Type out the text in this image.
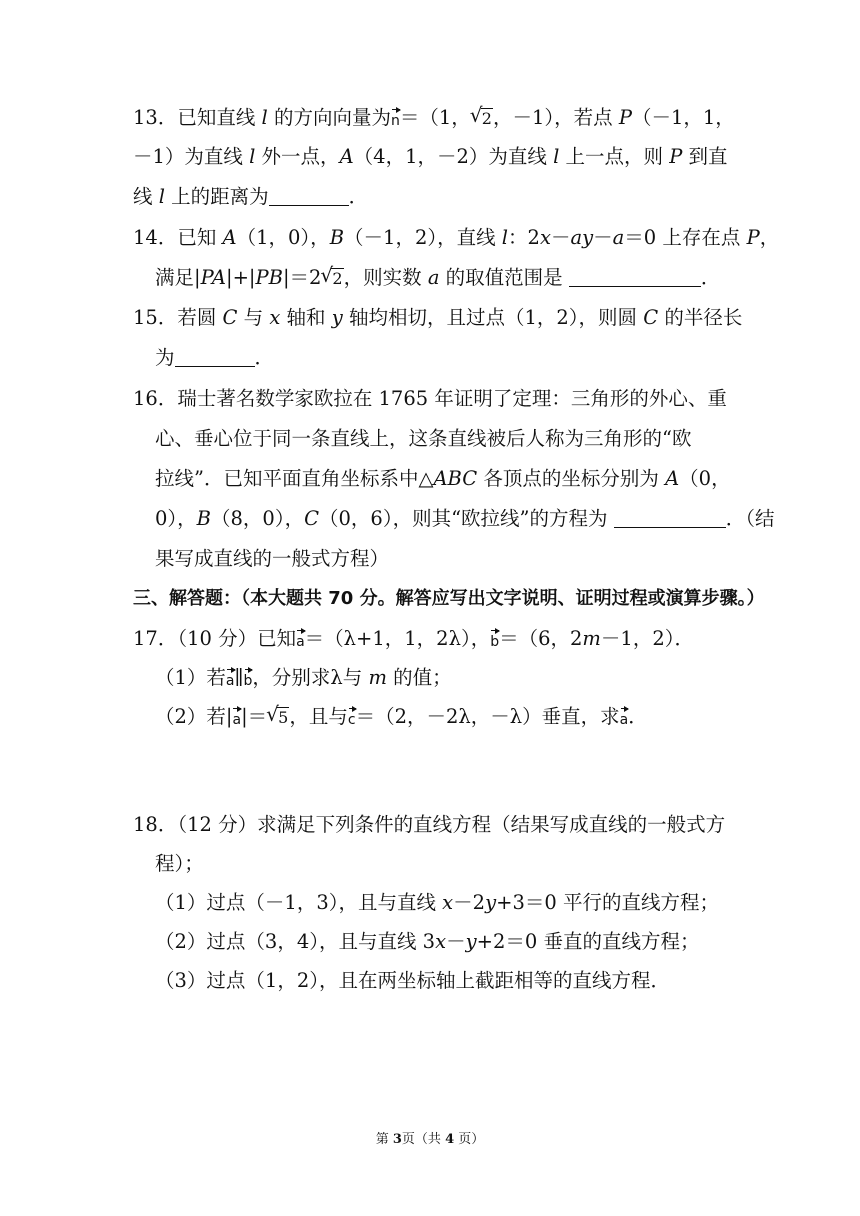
13．已知直线 l 的方向向量为n＝（1， √ 2，－1），若点 P（－1，1，
－1）为直线 l 外一点，A（4，1，－2）为直线 l 上一点，则 P 到直
线 l 上的距离为	．
14．已知 A（1，0），B（－1，2），直线 l：2x－ay－a＝0 上存在点 P，
满足|PA|+|PB|＝2 √ 2，则实数 a 的取值范围是	．
15．若圆 C 与 x 轴和 y 轴均相切，且过点（1，2），则圆 C 的半径长
为	．
16．瑞士著名数学家欧拉在 1765 年证明了定理：三角形的外心、重
心、垂心位于同一条直线上，这条直线被后人称为三角形的“欧
拉线”．已知平面直角坐标系中△ABC 各顶点的坐标分别为 A（0，
0），B（8，0），C（0，6），则其“欧拉线”的方程为	．（结
果写成直线的一般式方程）
三、解答题：（本大题共 70 分。解答应写出文字说明、证明过程或演算步骤。）
17．（10 分）已知a＝（λ+1，1，2λ），b＝（6，2m－1，2）．
（1）若a∥b，分别求λ与 m 的值；
（2）若|a|＝ √ 5，且与c＝（2，－2λ，－λ）垂直，求a．
18．（12 分）求满足下列条件的直线方程（结果写成直线的一般式方
程）；
（1）过点（－1，3），且与直线 x－2y+3＝0 平行的直线方程；
（2）过点（3，4），且与直线 3x－y+2＝0 垂直的直线方程；
（3）过点（1，2），且在两坐标轴上截距相等的直线方程．
第 3页（共 4 页）
